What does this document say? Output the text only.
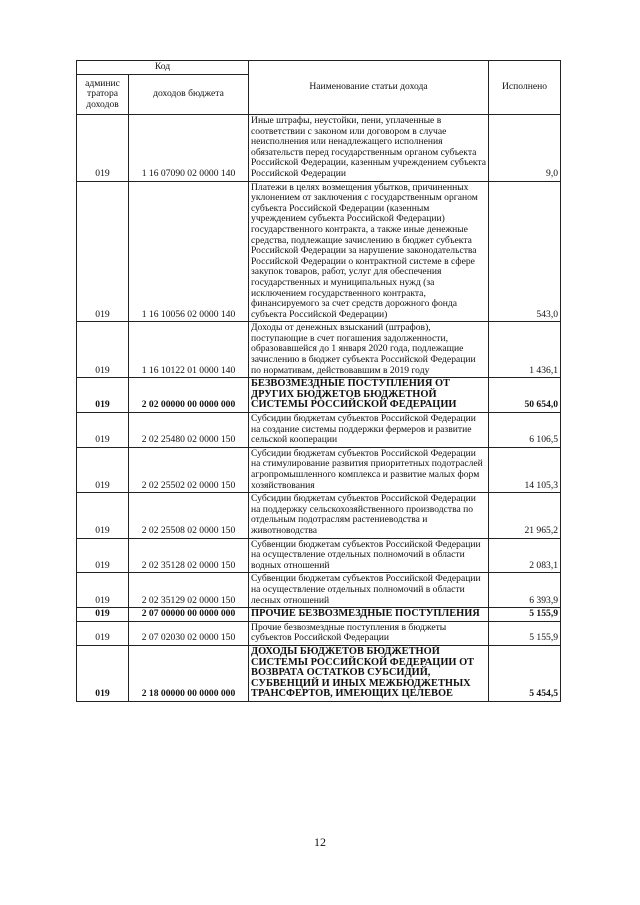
Код		Наименование статьи дохода	Исполнено
админис тратора доходов	доходов бюджета		
019	1 16 07090 02 0000 140	Иные штрафы, неустойки, пени, уплаченные в соответствии с законом или договором в случае неисполнения или ненадлежащего исполнения обязательств перед государственным органом субъекта Российской Федерации, казенным учреждением субъекта Российской Федерации	9,0
019	1 16 10056 02 0000 140	Платежи в целях возмещения убытков, причиненных уклонением от заключения с государственным органом субъекта Российской Федерации (казенным учреждением субъекта Российской Федерации) государственного контракта, а также иные денежные средства, подлежащие зачислению в бюджет субъекта Российской Федерации за нарушение законодательства Российской Федерации о контрактной системе в сфере закупок товаров, работ, услуг для обеспечения государственных и муниципальных нужд (за исключением государственного контракта, финансируемого за счет средств дорожного фонда субъекта Российской Федерации)	543,0
019	1 16 10122 01 0000 140	Доходы от денежных взысканий (штрафов), поступающие в счет погашения задолженности, образовавшейся до 1 января 2020 года, подлежащие зачислению в бюджет субъекта Российской Федерации по нормативам, действовавшим в 2019 году	1 436,1
019	2 02 00000 00 0000 000	БЕЗВОЗМЕЗДНЫЕ ПОСТУПЛЕНИЯ ОТ ДРУГИХ БЮДЖЕТОВ БЮДЖЕТНОЙ СИСТЕМЫ РОССИЙСКОЙ ФЕДЕРАЦИИ	50 654,0
019	2 02 25480 02 0000 150	Субсидии бюджетам субъектов Российской Федерации на создание системы поддержки фермеров и развитие сельской кооперации	6 106,5
019	2 02 25502 02 0000 150	Субсидии бюджетам субъектов Российской Федерации на стимулирование развития приоритетных подотраслей агропромышленного комплекса и развитие малых форм хозяйствования	14 105,3
019	2 02 25508 02 0000 150	Субсидии бюджетам субъектов Российской Федерации на поддержку сельскохозяйственного производства по отдельным подотраслям растениеводства и животноводства	21 965,2
019	2 02 35128 02 0000 150	Субвенции бюджетам субъектов Российской Федерации на осуществление отдельных полномочий в области водных отношений	2 083,1
019	2 02 35129 02 0000 150	Субвенции бюджетам субъектов Российской Федерации на осуществление отдельных полномочий в области лесных отношений	6 393,9
019	2 07 00000 00 0000 000	ПРОЧИЕ БЕЗВОЗМЕЗДНЫЕ ПОСТУПЛЕНИЯ	5 155,9
019	2 07 02030 02 0000 150	Прочие безвозмездные поступления в бюджеты субъектов Российской Федерации	5 155,9
019	2 18 00000 00 0000 000	ДОХОДЫ БЮДЖЕТОВ БЮДЖЕТНОЙ СИСТЕМЫ РОССИЙСКОЙ ФЕДЕРАЦИИ ОТ ВОЗВРАТА ОСТАТКОВ СУБСИДИЙ, СУБВЕНЦИЙ И ИНЫХ МЕЖБЮДЖЕТНЫХ ТРАНСФЕРТОВ, ИМЕЮЩИХ ЦЕЛЕВОЕ	5 454,5
12
